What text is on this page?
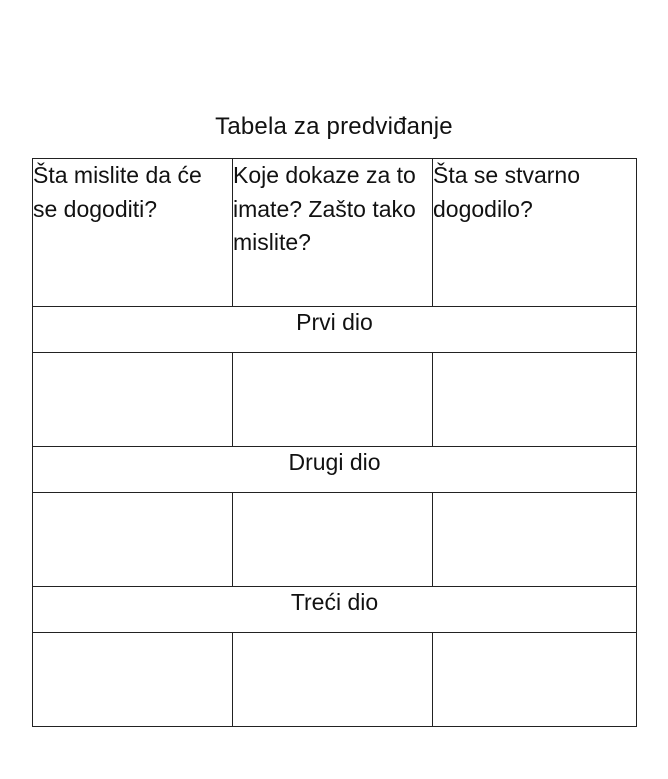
Tabela za predviđanje
Šta mislite da će se dogoditi?	Koje dokaze za to imate? Zašto tako mislite?	Šta se stvarno dogodilo?
Prvi dio		

Drugi dio		

Treći dio		
